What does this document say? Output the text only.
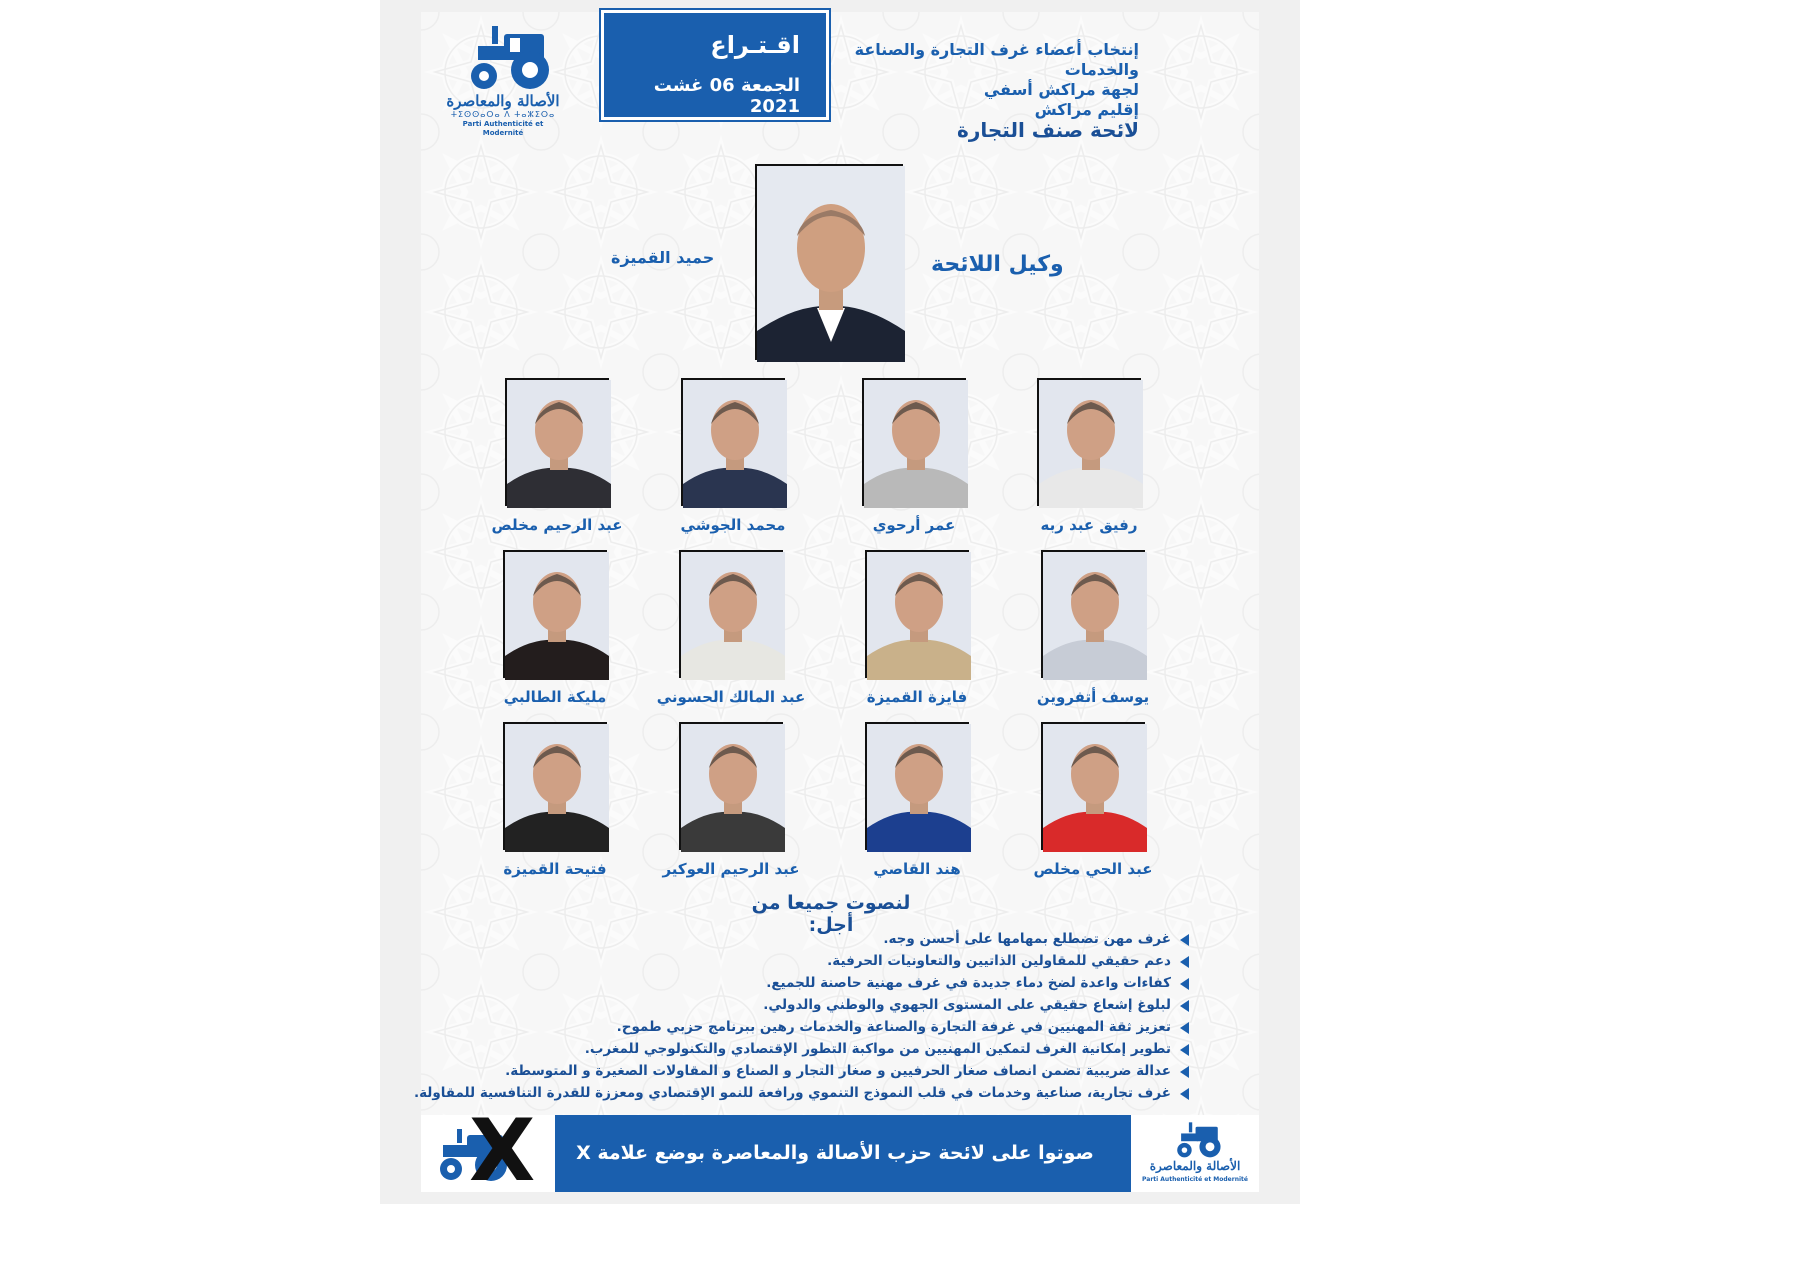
الأصالة والمعاصرة
ⵜⵉⵙⵙⴰⵔⴰ ⴷ ⵜⴰⵣⵉⵔⴰ
Parti Authenticité et Modernité
اقـتـراع
الجمعة 06 غشت 2021
إنتخاب أعضاء غرف التجارة والصناعة والخدمات
لجهة مراكش أسفي
إقليم مراكش
لائحة صنف التجارة
وكيل اللائحة
حميد القميزة
لنصوت جميعا من أجل:
غرف مهن تضطلع بمهامها على أحسن وجه.
دعم حقيقي للمقاولين الذاتيين والتعاونيات الحرفية.
كفاءات واعدة لضخ دماء جديدة في غرف مهنية حاصنة للجميع.
لبلوغ إشعاع حقيقي على المستوى الجهوي والوطني والدولي.
تعزيز ثقة المهنيين في غرفة التجارة والصناعة والخدمات رهين ببرنامج حزبي طموح.
تطوير إمكانية الغرف لتمكين المهنيين من مواكبة التطور الإقتصادي والتكنولوجي للمغرب.
عدالة ضريبية تضمن انصاف صغار الحرفيين و صغار التجار و الصناع و المقاولات الصغيرة و المتوسطة.
غرف تجارية، صناعية وخدمات في قلب النموذج التنموي ورافعة للنمو الإقتصادي ومعززة للقدرة التنافسية للمقاولة.
X	صوتوا على لائحة حزب الأصالة والمعاصرة بوضع علامة X على رمز الجرار
الأصالة والمعاصرة
Parti Authenticité et Modernité
رفيق عبد ربه
عمر أرحوي
محمد الجوشي
عبد الرحيم مخلص
يوسف أتفروين
فايزة القميزة
عبد المالك الحسوني
مليكة الطالبي
عبد الحي مخلص
هند القاصي
عبد الرحيم العوكير
فتيحة القميزة
